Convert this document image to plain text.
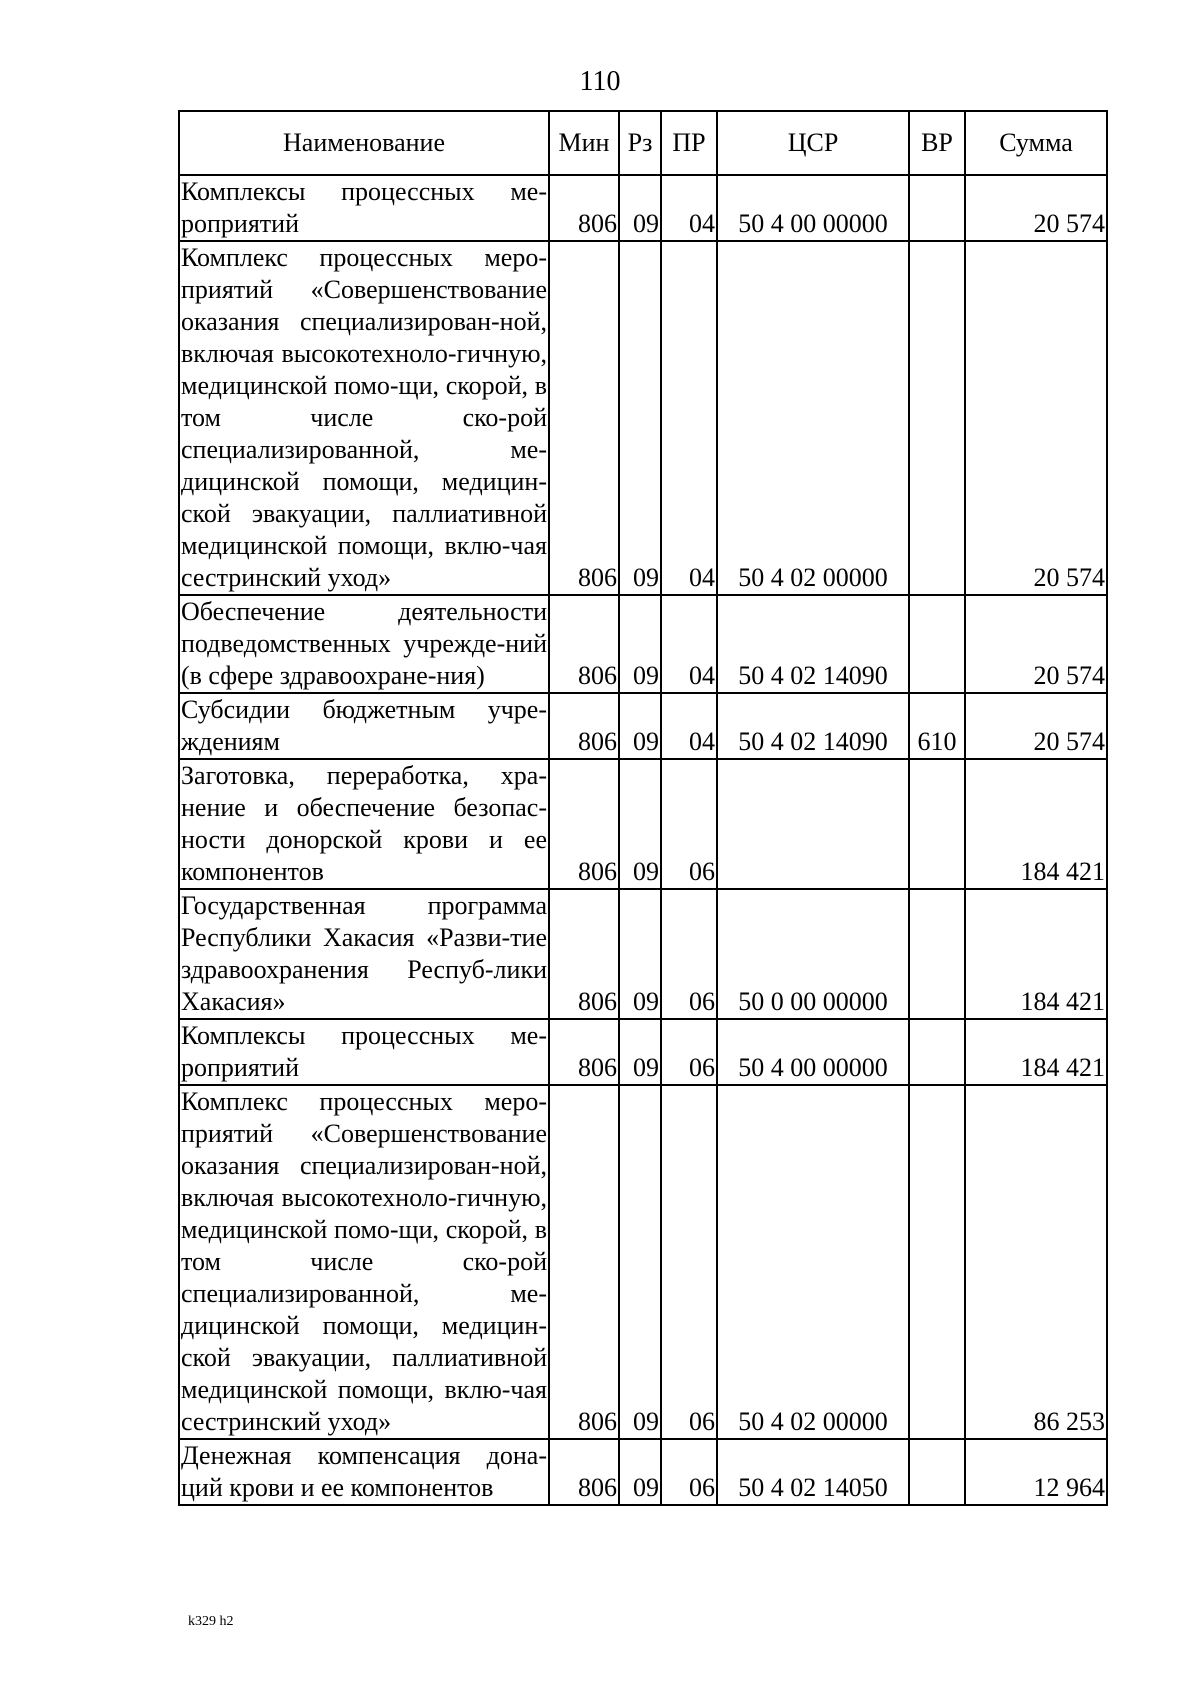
110
Наименование	Мин	Рз	ПР	ЦСР	ВР	Сумма
Комплексы процессных ме-роприятий	806	09	04	50 4 00 00000		20 574
Комплекс процессных меро-приятий «Совершенствование оказания специализирован-ной, включая высокотехноло-гичную, медицинской помо-щи, скорой, в том числе ско-рой специализированной, ме-дицинской помощи, медицин-ской эвакуации, паллиативной медицинской помощи, вклю-чая сестринский уход»	806	09	04	50 4 02 00000		20 574
Обеспечение деятельности подведомственных учрежде-ний (в сфере здравоохране-ния)	806	09	04	50 4 02 14090		20 574
Субсидии бюджетным учре-ждениям	806	09	04	50 4 02 14090	610	20 574
Заготовка, переработка, хра-нение и обеспечение безопас-ности донорской крови и ее компонентов	806	09	06			184 421
Государственная программа Республики Хакасия «Разви-тие здравоохранения Респуб-лики Хакасия»	806	09	06	50 0 00 00000		184 421
Комплексы процессных ме-роприятий	806	09	06	50 4 00 00000		184 421
Комплекс процессных меро-приятий «Совершенствование оказания специализирован-ной, включая высокотехноло-гичную, медицинской помо-щи, скорой, в том числе ско-рой специализированной, ме-дицинской помощи, медицин-ской эвакуации, паллиативной медицинской помощи, вклю-чая сестринский уход»	806	09	06	50 4 02 00000		86 253
Денежная компенсация дона-ций крови и ее компонентов	806	09	06	50 4 02 14050		12 964
k329 h2
